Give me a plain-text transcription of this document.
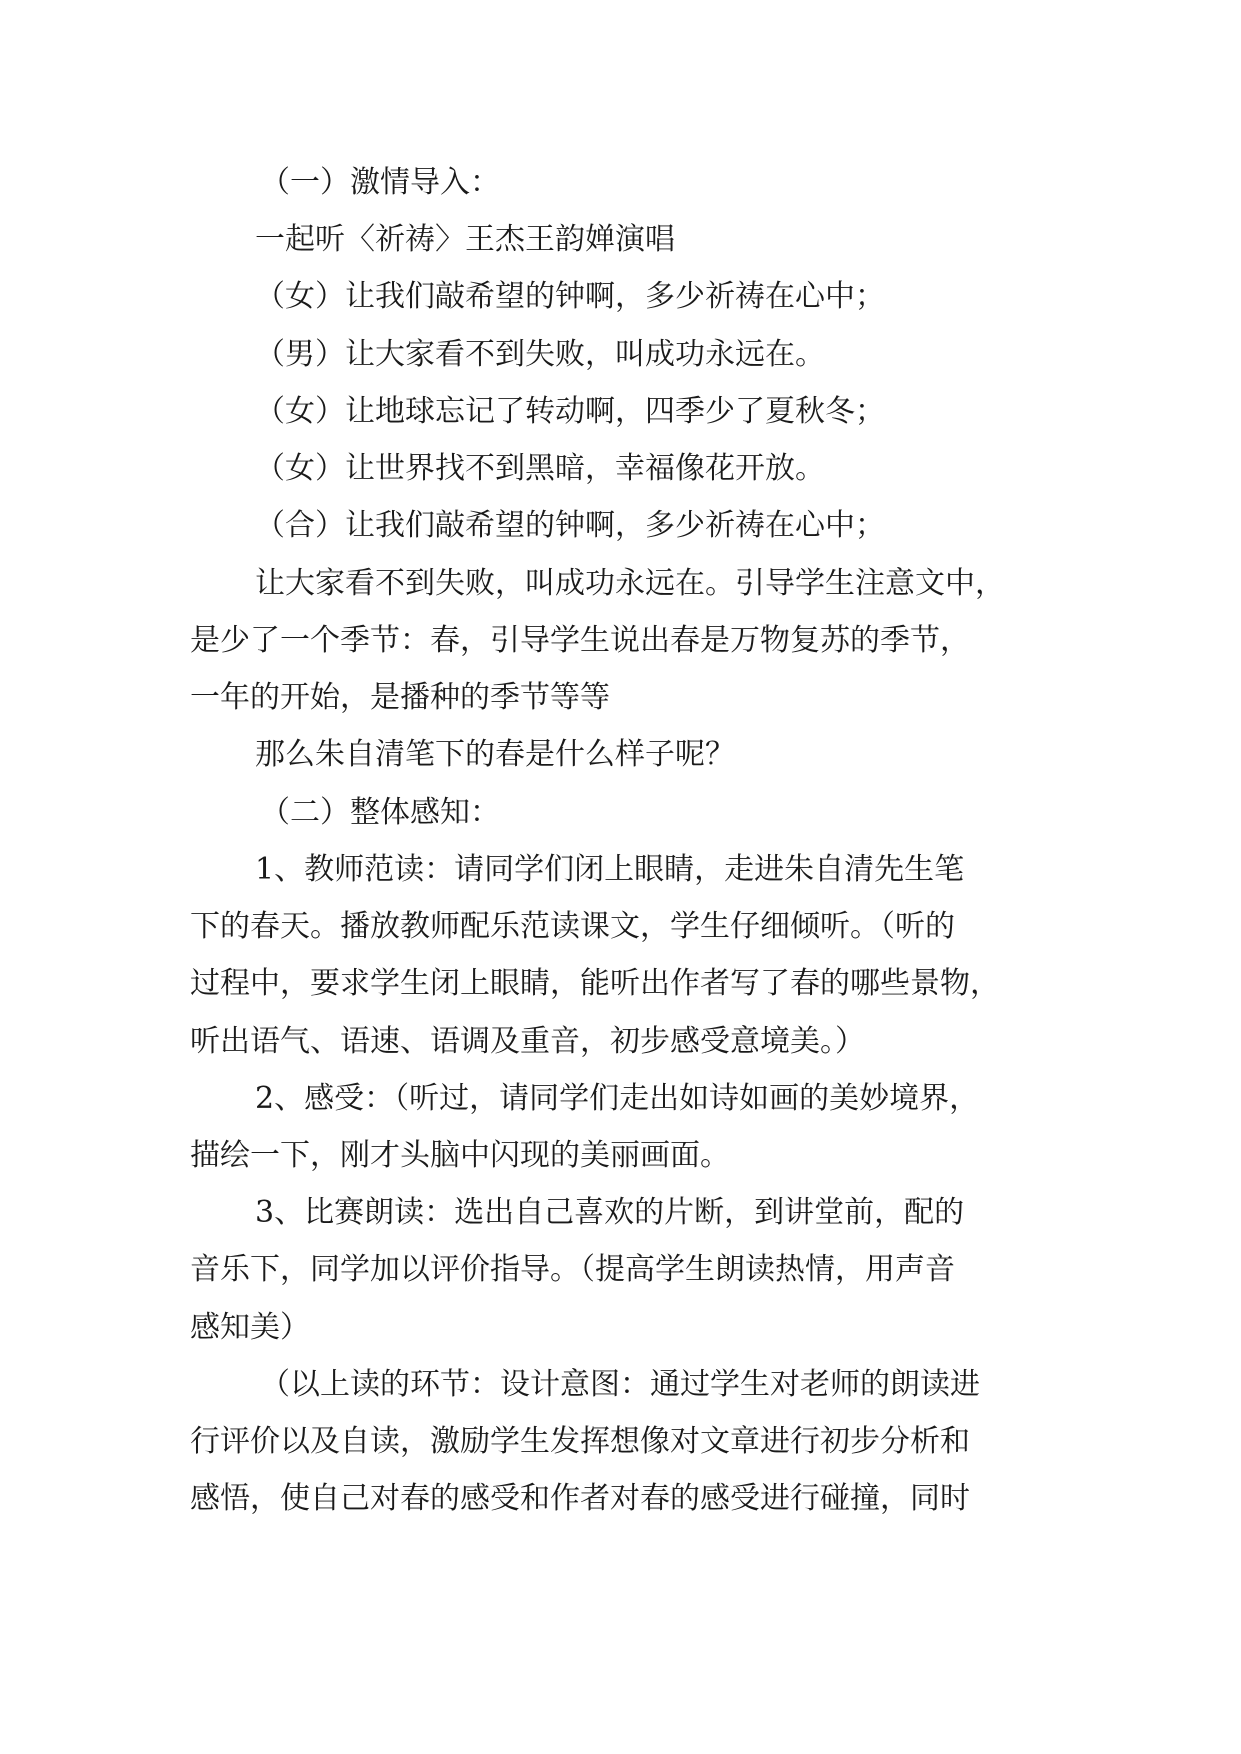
（一）激情导入：

一起听〈祈祷〉王杰王韵婵演唱

（女）让我们敲希望的钟啊，多少祈祷在心中；

（男）让大家看不到失败，叫成功永远在。

（女）让地球忘记了转动啊，四季少了夏秋冬；

（女）让世界找不到黑暗，幸福像花开放。

（合）让我们敲希望的钟啊，多少祈祷在心中；

让大家看不到失败，叫成功永远在。引导学生注意文中，

是少了一个季节：春，引导学生说出春是万物复苏的季节，

一年的开始，是播种的季节等等

那么朱自清笔下的春是什么样子呢？

（二）整体感知：

1、教师范读：请同学们闭上眼睛，走进朱自清先生笔

下的春天。播放教师配乐范读课文，学生仔细倾听。（听的

过程中，要求学生闭上眼睛，能听出作者写了春的哪些景物，

听出语气、语速、语调及重音，初步感受意境美。）

2、感受：（听过，请同学们走出如诗如画的美妙境界，

描绘一下，刚才头脑中闪现的美丽画面。

3、比赛朗读：选出自己喜欢的片断，到讲堂前，配的

音乐下，同学加以评价指导。（提高学生朗读热情，用声音

感知美）

（以上读的环节：设计意图：通过学生对老师的朗读进

行评价以及自读，激励学生发挥想像对文章进行初步分析和

感悟，使自己对春的感受和作者对春的感受进行碰撞，同时
